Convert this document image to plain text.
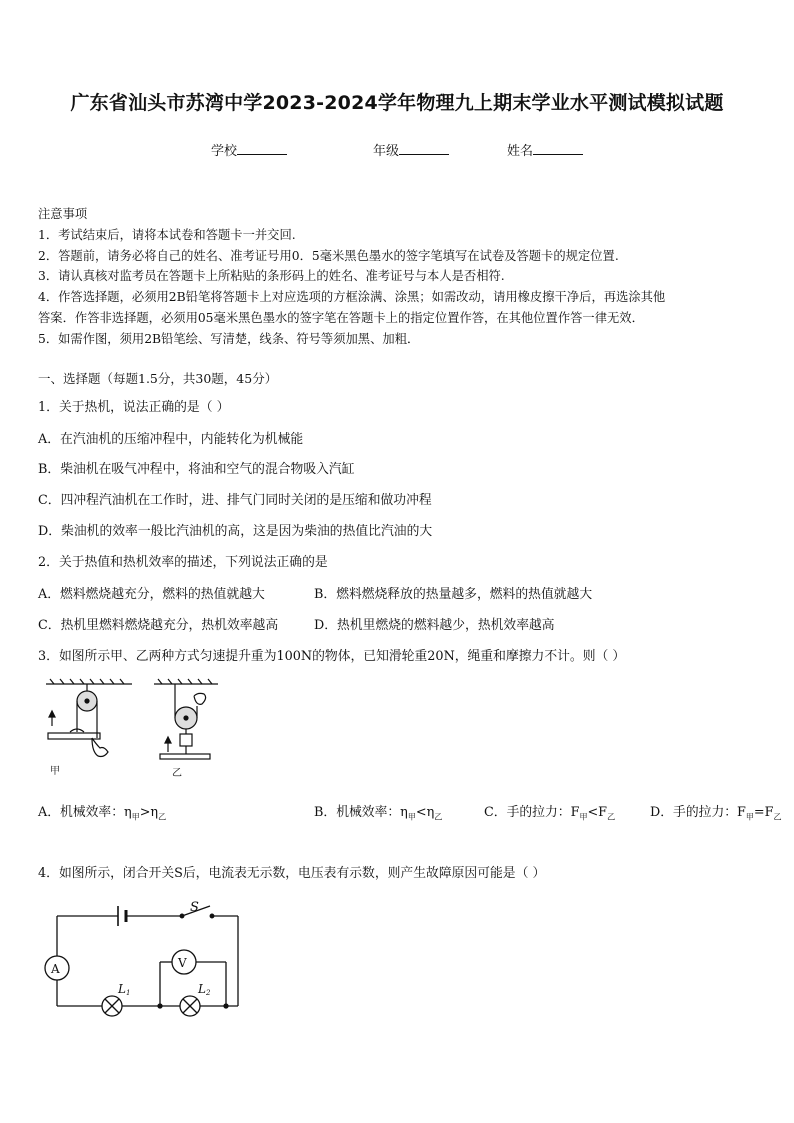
广东省汕头市苏湾中学2023-2024学年物理九上期末学业水平测试模拟试题
学校	年级	姓名
注意事项
1．考试结束后，请将本试卷和答题卡一并交回.
2．答题前，请务必将自己的姓名、准考证号用0．5毫米黑色墨水的签字笔填写在试卷及答题卡的规定位置.
3．请认真核对监考员在答题卡上所粘贴的条形码上的姓名、准考证号与本人是否相符.
4．作答选择题，必须用2B铅笔将答题卡上对应选项的方框涂满、涂黑；如需改动，请用橡皮擦干净后，再选涂其他
答案．作答非选择题，必须用05毫米黑色墨水的签字笔在答题卡上的指定位置作答，在其他位置作答一律无效．
5．如需作图，须用2B铅笔绘、写清楚，线条、符号等须加黑、加粗．
一、选择题（每题1.5分，共30题，45分）
1．关于热机，说法正确的是（ ）
A．在汽油机的压缩冲程中，内能转化为机械能
B．柴油机在吸气冲程中，将油和空气的混合物吸入汽缸
C．四冲程汽油机在工作时，进、排气门同时关闭的是压缩和做功冲程
D．柴油机的效率一般比汽油机的高，这是因为柴油的热值比汽油的大
2．关于热值和热机效率的描述，下列说法正确的是
A．燃料燃烧越充分，燃料的热值就越大	B．燃料燃烧释放的热量越多，燃料的热值就越大
C．热机里燃料燃烧越充分，热机效率越高	D．热机里燃烧的燃料越少，热机效率越高
3．如图所示甲、乙两种方式匀速提升重为100N的物体，已知滑轮重20N，绳重和摩擦力不计。则（ ）
甲	乙
A．机械效率：$\eta_甲>\eta_乙$	B．机械效率：$\eta_甲<\eta_乙$	C．手的拉力：$F_甲<F_乙$	D．手的拉力：$F_甲=F_乙$
4．如图所示，闭合开关S后，电流表无示数，电压表有示数，则产生故障原因可能是（ ）
S
A	V
L1	L2
